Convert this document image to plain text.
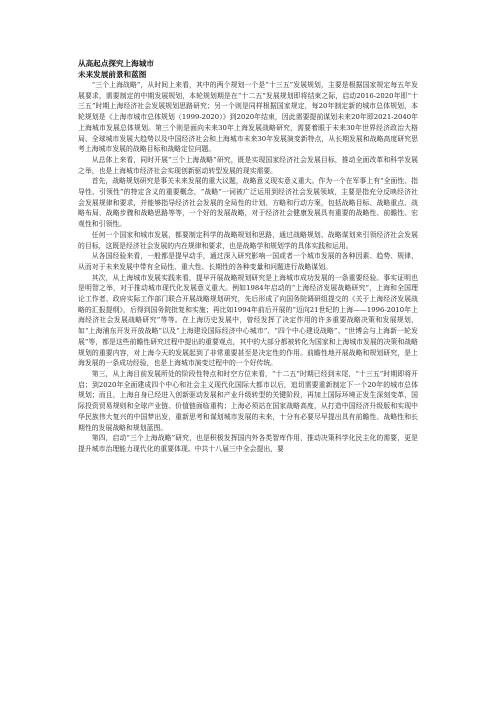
从高起点探究上海城市

未来发展前景和蓝图

“三个上海战略”，从时间上来看，其中的两个规划一个是“十三五”发展规划，主要是根据国家规定每五年发展要求，需要制定的中期发展规划，本轮规划期是在“十二五”发展规划即将结束之际，启动2016-2020年即“十三五”时期上海经济社会发展规划思路研究；另一个则是同样根据国家规定，每20年制定新的城市总体规划，本轮规划是《上海市城市总体规划（1999-2020）》到2020年结束，因此需要提前谋划未来20年即2021-2040年上海城市发展总体规划。第三个则是面向未来30年上海发展战略研究，需要着眼于未来30年世界经济政治大格局、全球城市发展大趋势以及中国经济社会和上海城市未来30年发展演变新特点，从长期发展和战略高度研究思考上海城市发展的战略目标和战略定位问题。

从总体上来看，同时开展“三个上海战略”研究，既是实现国家经济社会发展目标，推动全面改革和科学发展之举，也是上海城市经济社会实现创新驱动转型发展的现实需要。

首先，战略规划研究是事关未来发展的重大议题，战略意义现实意义重大。作为一个在军事上有“全面性、指导性、引领性”的特定含义的重要概念，“战略”一词被广泛运用到经济社会发展领域，主要是指充分反映经济社会发展规律和要求，并能够指导经济社会发展的全局性的计划、方略和行动方案，包括战略目标、战略重点、战略布局、战略步骤和战略思路等等，一个好的发展战略，对于经济社会健康发展具有重要的战略性、前瞻性、宏观性和引领性。

任何一个国家和城市发展，都要制定科学的战略规划和思路，通过战略规划、战略谋划来引领经济社会发展的目标，这既是经济社会发展的内在规律和要求，也是战略学和规划学的具体实践和运用。

从各国经验来看，一般都是提早动手，通过深入研究影响一国或者一个城市发展的各种因素、趋势、规律，从而对于未来发展中带有全局性、重大性、长期性的各种变量和问题进行战略谋划。

其次，从上海城市发展实践来看，提早开展战略规划研究是上海城市成功发展的一条重要经验。事实证明也是明智之举，对于推动城市现代化发展意义重大。例如1984年启动的“上海经济发展战略研究”，上海和全国理论工作者、政府实际工作部门联合开展战略规划研究，先后形成了向国务院调研组提交的《关于上海经济发展战略的汇报提纲》，后得到国务院批复和实施；再比如1994年前后开展的“迈向21世纪的上海——1996-2010年上海经济社会发展战略研究”等等。在上海历史发展中，曾经发挥了决定作用的许多重要战略决策和发展规划，如“上海浦东开发开放战略”以及“上海建设国际经济中心城市”、“四个中心建设战略”、“世博会与上海新一轮发展”等，都是这些前瞻性研究过程中提出的重要观点，其中的大部分都被转化为国家和上海城市发展的决策和战略规划的重要内容，对上海今天的发展起到了非常重要甚至是决定性的作用。前瞻性地开展战略和规划研究，是上海发展的一条成功经验，也是上海城市演变过程中的一个好传统。

第三，从上海目前发展所处的阶段性特点和时空方位来看，“十二五”时期已经到末尾，“十三五”时期即将开启；到2020年全面建成四个中心和社会主义现代化国际大都市以后，追切需要重新制定下一个20年的城市总体规划；而且，上海自身已经进入创新驱动发展和产业升级转型的关键阶段，再加上国际环境正发生深刻变革，国际投资贸易规则和全球产业链、价值链面临重构；上海必须站在国家战略高度，从打造中国经济升级版和实现中华民族伟大复兴的中国梦出发，重新思考和谋划城市发展的未来，十分有必要尽早提出具有前瞻性、战略性和长期性的发展战略和规划蓝图。

第四，启动“三个上海战略”研究，也是积极发挥国内外各类智库作用，推动决策科学化民主化的需要，更是提升城市治理能力现代化的重要体现。中共十八届三中全会提出，要
